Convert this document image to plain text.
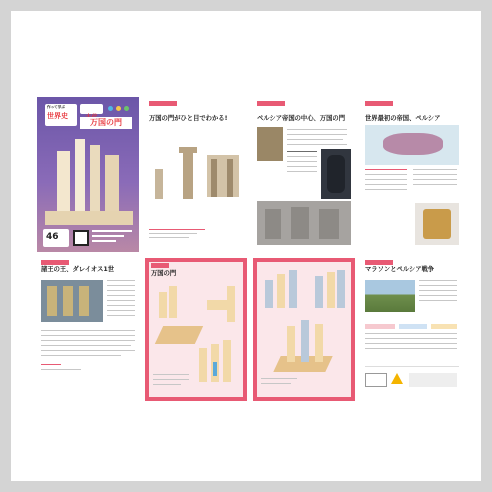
作って学ぶ
世界史
万国の門
46
万国の門がひと目でわかる!	ペルシア帝国の中心、万国の門	世界最初の帝国、ペルシア
諸王の王、ダレイオス1世
万国の門
マラソンとペルシア戦争
